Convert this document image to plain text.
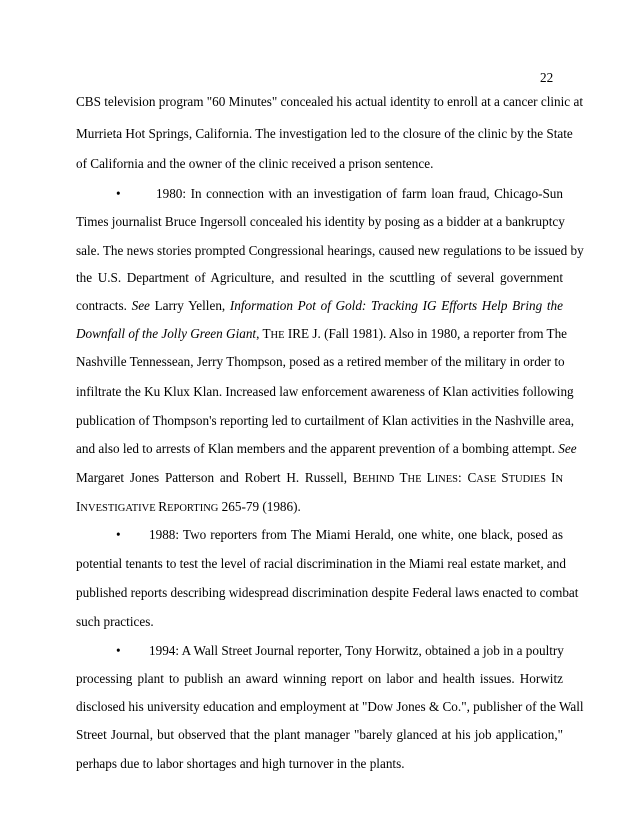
22
CBS television program "60 Minutes" concealed his actual identity to enroll at a cancer clinic at
Murrieta Hot Springs, California. The investigation led to the closure of the clinic by the State
of California and the owner of the clinic received a prison sentence.
•	1980: In connection with an investigation of farm loan fraud, Chicago-Sun
Times journalist Bruce Ingersoll concealed his identity by posing as a bidder at a bankruptcy
sale. The news stories prompted Congressional hearings, caused new regulations to be issued by
the U.S. Department of Agriculture, and resulted in the scuttling of several government
contracts. See Larry Yellen, Information Pot of Gold: Tracking IG Efforts Help Bring the
Downfall of the Jolly Green Giant, THE IRE J. (Fall 1981). Also in 1980, a reporter from The
Nashville Tennessean, Jerry Thompson, posed as a retired member of the military in order to
infiltrate the Ku Klux Klan. Increased law enforcement awareness of Klan activities following
publication of Thompson's reporting led to curtailment of Klan activities in the Nashville area,
and also led to arrests of Klan members and the apparent prevention of a bombing attempt. See
Margaret Jones Patterson and Robert H. Russell, BEHIND THE LINES: CASE STUDIES IN
INVESTIGATIVE REPORTING 265-79 (1986).
• 1988: Two reporters from The Miami Herald, one white, one black, posed as
potential tenants to test the level of racial discrimination in the Miami real estate market, and
published reports describing widespread discrimination despite Federal laws enacted to combat
such practices.
• 1994: A Wall Street Journal reporter, Tony Horwitz, obtained a job in a poultry
processing plant to publish an award winning report on labor and health issues. Horwitz
disclosed his university education and employment at "Dow Jones & Co.", publisher of the Wall
Street Journal, but observed that the plant manager "barely glanced at his job application,"
perhaps due to labor shortages and high turnover in the plants.
